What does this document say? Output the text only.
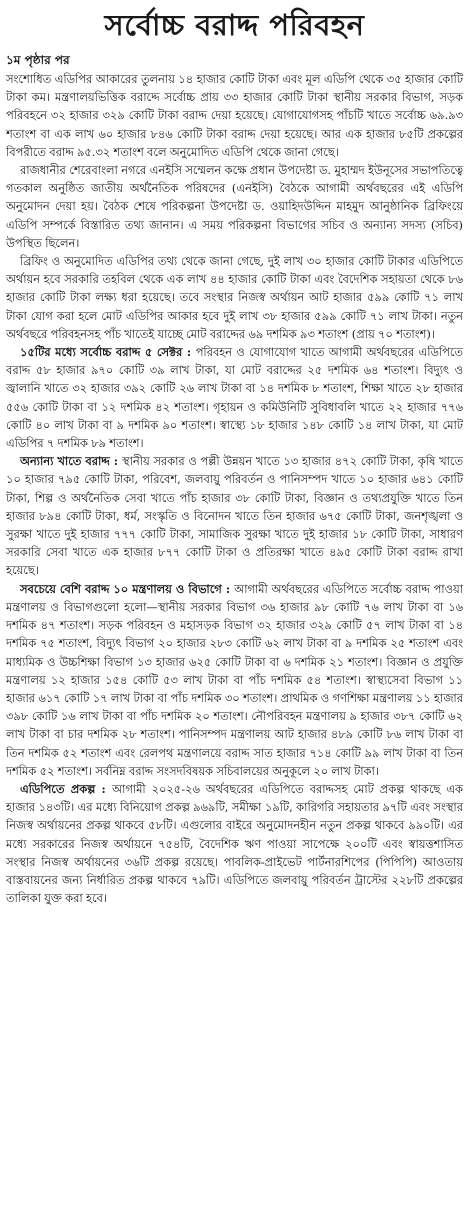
সর্বোচ্চ বরাদ্দ পরিবহন
১ম পৃষ্ঠার পর

সংশোধিত এডিপির আকারের তুলনায় ১৪ হাজার কোটি টাকা এবং মূল এডিপি থেকে ৩৫ হাজার কোটি টাকা কম। মন্ত্রণালয়ভিত্তিক বরাদ্দে সর্বোচ্চ প্রায় ৩৩ হাজার কোটি টাকা স্থানীয় সরকার বিভাগ, সড়ক পরিবহনে ৩২ হাজার ৩২৯ কোটি টাকা বরাদ্দ দেয়া হয়েছে। যোগাযোগসহ পাঁচটি খাতে সর্বোচ্চ ৬৯.৯৩ শতাংশ বা এক লাখ ৬০ হাজার ৮৪৬ কোটি টাকা বরাদ্দ দেয়া হয়েছে। আর এক হাজার ৮৫টি প্রকল্পের বিপরীতে বরাদ্দ ৯৫.৩২ শতাংশ বলে অনুমোদিত এডিপি থেকে জানা গেছে।

রাজধানীর শেরেবাংলা নগরে এনইসি সম্মেলন কক্ষে প্রধান উপদেষ্টা ড. মুহাম্মদ ইউনূসের সভাপতিত্বে গতকাল অনুষ্ঠিত জাতীয় অর্থনৈতিক পরিষদের (এনইসি) বৈঠকে আগামী অর্থবছরের এই এডিপি অনুমোদন দেয়া হয়। বৈঠক শেষে পরিকল্পনা উপদেষ্টা ড. ওয়াহিদউদ্দিন মাহমুদ আনুষ্ঠানিক ব্রিফিংয়ে এডিপি সম্পর্কে বিস্তারিত তথ্য জানান। এ সময় পরিকল্পনা বিভাগের সচিব ও অন্যান্য সদস্য (সচিব) উপস্থিত ছিলেন।

ব্রিফিং ও অনুমোদিত এডিপির তথ্য থেকে জানা গেছে, দুই লাখ ৩০ হাজার কোটি টাকার এডিপিতে অর্থায়ন হবে সরকারি তহবিল থেকে এক লাখ ৪৪ হাজার কোটি টাকা এবং বৈদেশিক সহায়তা থেকে ৮৬ হাজার কোটি টাকা লক্ষ্য ধরা হয়েছে। তবে সংস্থার নিজস্ব অর্থায়ন আট হাজার ৫৯৯ কোটি ৭১ লাখ টাকা যোগ করা হলে মোট এডিপির আকার হবে দুই লাখ ৩৮ হাজার ৫৯৯ কোটি ৭১ লাখ টাকা। নতুন অর্থবছরে পরিবহনসহ পাঁচ খাতেই যাচ্ছে মোট বরাদ্দের ৬৯ দশমিক ৯৩ শতাংশ (প্রায় ৭০ শতাংশ)।

১৫টির মধ্যে সর্বোচ্চ বরাদ্দ ৫ সেক্টর : পরিবহন ও যোগাযোগ খাতে আগামী অর্থবছরের এডিপিতে বরাদ্দ ৫৮ হাজার ৯৭০ কোটি ৩৯ লাখ টাকা, যা মোট বরাদ্দের ২৫ দশমিক ৬৪ শতাংশ। বিদ্যুৎ ও জ্বালানি খাতে ৩২ হাজার ৩৯২ কোটি ২৬ লাখ টাকা বা ১৪ দশমিক ৮ শতাংশ, শিক্ষা খাতে ২৮ হাজার ৫৫৬ কোটি টাকা বা ১২ দশমিক ৪২ শতাংশ। গৃহায়ন ও কমিউনিটি সুবিধাবলি খাতে ২২ হাজার ৭৭৬ কোটি ৪০ লাখ টাকা বা ৯ দশমিক ৯০ শতাংশ। স্বাস্থ্যে ১৮ হাজার ১৪৮ কোটি ১৪ লাখ টাকা, যা মোট এডিপির ৭ দশমিক ৮৯ শতাংশ।

অন্যান্য খাতে বরাদ্দ : স্থানীয় সরকার ও পল্লী উন্নয়ন খাতে ১৩ হাজার ৪৭২ কোটি টাকা, কৃষি খাতে ১০ হাজার ৭৯৫ কোটি টাকা, পরিবেশ, জলবায়ু পরিবর্তন ও পানিসম্পদ খাতে ১০ হাজার ৬৪১ কোটি টাকা, শিল্প ও অর্থনৈতিক সেবা খাতে পাঁচ হাজার ৩৮ কোটি টাকা, বিজ্ঞান ও তথ্যপ্রযুক্তি খাতে তিন হাজার ৮৯৪ কোটি টাকা, ধর্ম, সংস্কৃতি ও বিনোদন খাতে তিন হাজার ৬৭৫ কোটি টাকা, জনশৃঙ্খলা ও সুরক্ষা খাতে দুই হাজার ৭৭৭ কোটি টাকা, সামাজিক সুরক্ষা খাতে দুই হাজার ১৮ কোটি টাকা, সাধারণ সরকারি সেবা খাতে এক হাজার ৮৭৭ কোটি টাকা ও প্রতিরক্ষা খাতে ৪৯৫ কোটি টাকা বরাদ্দ রাখা হয়েছে।

সবচেয়ে বেশি বরাদ্দ ১০ মন্ত্রণালয় ও বিভাগে : আগামী অর্থবছরের এডিপিতে সর্বোচ্চ বরাদ্দ পাওয়া মন্ত্রণালয় ও বিভাগগুলো হলো—স্থানীয় সরকার বিভাগ ৩৬ হাজার ৯৮ কোটি ৭৬ লাখ টাকা বা ১৬ দশমিক ৪৭ শতাংশ। সড়ক পরিবহন ও মহাসড়ক বিভাগ ৩২ হাজার ৩২৯ কোটি ৫৭ লাখ টাকা বা ১৪ দশমিক ৭৫ শতাংশ, বিদ্যুৎ বিভাগ ২০ হাজার ২৮৩ কোটি ৬২ লাখ টাকা বা ৯ দশমিক ২৫ শতাংশ এবং মাধ্যমিক ও উচ্চশিক্ষা বিভাগ ১৩ হাজার ৬২৫ কোটি টাকা বা ৬ দশমিক ২১ শতাংশ। বিজ্ঞান ও প্রযুক্তি মন্ত্রণালয় ১২ হাজার ১৫৪ কোটি ৫৩ লাখ টাকা বা পাঁচ দশমিক ৫৪ শতাংশ। স্বাস্থ্যসেবা বিভাগ ১১ হাজার ৬১৭ কোটি ১৭ লাখ টাকা বা পাঁচ দশমিক ৩০ শতাংশ। প্রাথমিক ও গণশিক্ষা মন্ত্রণালয় ১১ হাজার ৩৯৮ কোটি ১৬ লাখ টাকা বা পাঁচ দশমিক ২০ শতাংশ। নৌপরিবহন মন্ত্রণালয় ৯ হাজার ৩৮৭ কোটি ৬২ লাখ টাকা বা চার দশমিক ২৮ শতাংশ। পানিসম্পদ মন্ত্রণালয় আট হাজার ৪৮৯ কোটি ৮৬ লাখ টাকা বা তিন দশমিক ৫২ শতাংশ এবং রেলপথ মন্ত্রণালয়ে বরাদ্দ সাত হাজার ৭১৪ কোটি ৯৯ লাখ টাকা বা তিন দশমিক ৫২ শতাংশ। সর্বনিম্ন বরাদ্দ সংসদবিষয়ক সচিবালয়ের অনুকূলে ২০ লাখ টাকা।

এডিপিতে প্রকল্প : আগামী ২০২৫-২৬ অর্থবছরের এডিপিতে বরাদ্দসহ মোট প্রকল্প থাকছে এক হাজার ১৪৩টি। এর মধ্যে বিনিয়োগ প্রকল্প ৯৬৯টি, সমীক্ষা ১৯টি, কারিগরি সহায়তার ৯৭টি এবং সংস্থার নিজস্ব অর্থায়নের প্রকল্প থাকবে ৫৮টি। এগুলোর বাইরে অনুমোদনহীন নতুন প্রকল্প থাকবে ৯৯০টি। এর মধ্যে সরকারের নিজস্ব অর্থায়নে ৭৫৪টি, বৈদেশিক ঋণ পাওয়া সাপেক্ষে ২০০টি এবং স্বায়ত্তশাসিত সংস্থার নিজস্ব অর্থায়নের ৩৬টি প্রকল্প রয়েছে। পাবলিক-প্রাইভেট পার্টনারশিপের (পিপিপি) আওতায় বাস্তবায়নের জন্য নির্ধারিত প্রকল্প থাকবে ৭৯টি। এডিপিতে জলবায়ু পরিবর্তন ট্রাস্টের ২২৮টি প্রকল্পের তালিকা যুক্ত করা হবে।
